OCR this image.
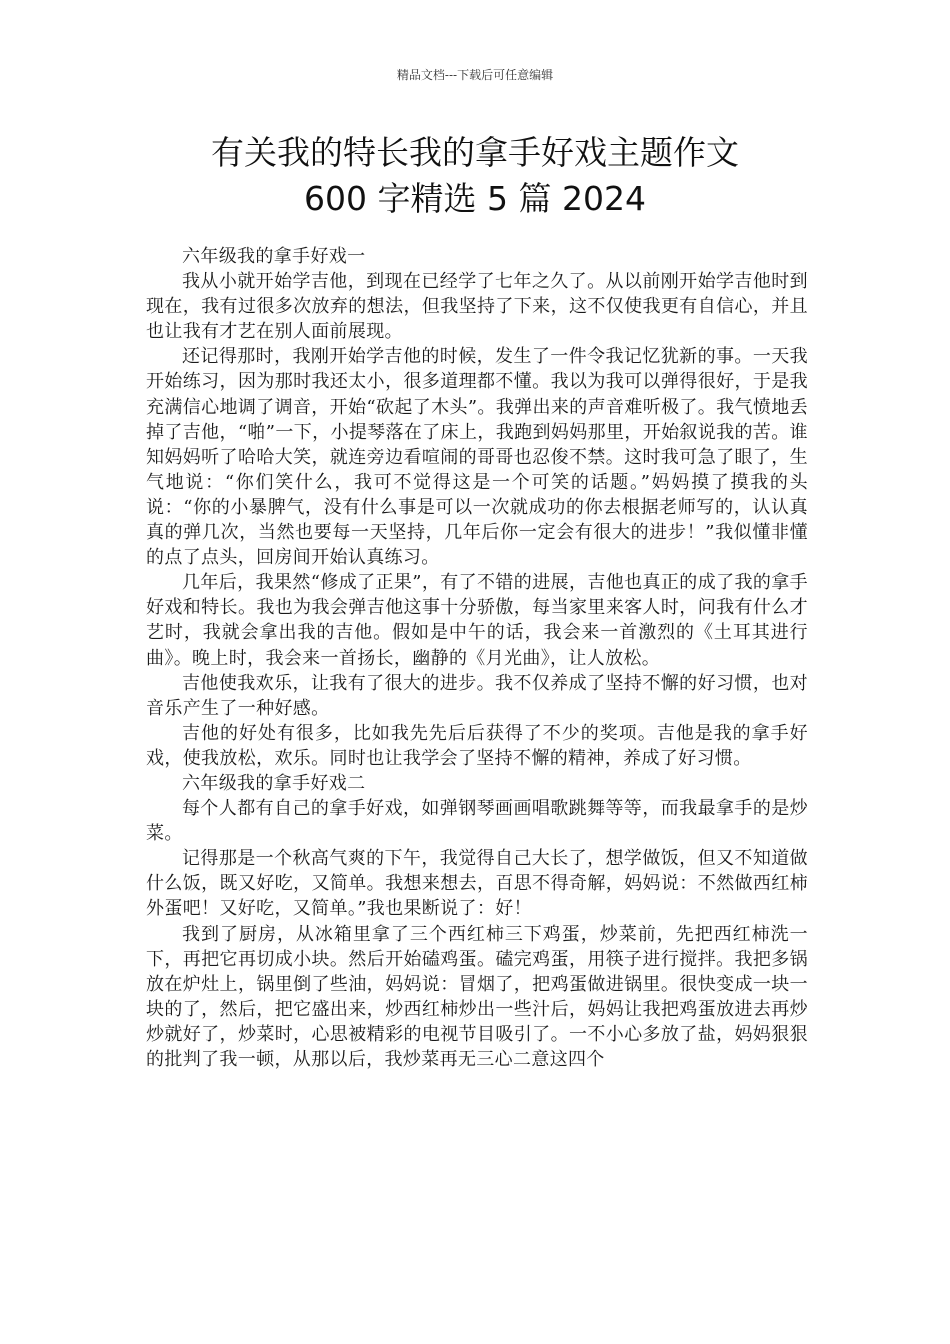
精品文档---下载后可任意编辑
有关我的特长我的拿手好戏主题作文
600 字精选 5 篇 2024

六年级我的拿手好戏一

我从小就开始学吉他，到现在已经学了七年之久了。从以前刚开始学吉他时到现在，我有过很多次放弃的想法，但我坚持了下来，这不仅使我更有自信心，并且也让我有才艺在别人面前展现。

还记得那时，我刚开始学吉他的时候，发生了一件令我记忆犹新的事。一天我开始练习，因为那时我还太小，很多道理都不懂。我以为我可以弹得很好，于是我充满信心地调了调音，开始“砍起了木头”。我弹出来的声音难听极了。我气愤地丢掉了吉他，“啪”一下，小提琴落在了床上，我跑到妈妈那里，开始叙说我的苦。谁知妈妈听了哈哈大笑，就连旁边看喧闹的哥哥也忍俊不禁。这时我可急了眼了，生气地说：“你们笑什么，我可不觉得这是一个可笑的话题。”妈妈摸了摸我的头说：“你的小暴脾气，没有什么事是可以一次就成功的你去根据老师写的，认认真真的弹几次，当然也要每一天坚持，几年后你一定会有很大的进步！”我似懂非懂的点了点头，回房间开始认真练习。

几年后，我果然“修成了正果”，有了不错的进展，吉他也真正的成了我的拿手好戏和特长。我也为我会弹吉他这事十分骄傲，每当家里来客人时，问我有什么才艺时，我就会拿出我的吉他。假如是中午的话，我会来一首激烈的《土耳其进行曲》。晚上时，我会来一首扬长，幽静的《月光曲》，让人放松。

吉他使我欢乐，让我有了很大的进步。我不仅养成了坚持不懈的好习惯，也对音乐产生了一种好感。

吉他的好处有很多，比如我先先后后获得了不少的奖项。吉他是我的拿手好戏，使我放松，欢乐。同时也让我学会了坚持不懈的精神，养成了好习惯。

六年级我的拿手好戏二

每个人都有自己的拿手好戏，如弹钢琴画画唱歌跳舞等等，而我最拿手的是炒菜。

记得那是一个秋高气爽的下午，我觉得自己大长了，想学做饭，但又不知道做什么饭，既又好吃，又简单。我想来想去，百思不得奇解，妈妈说：不然做西红柿外蛋吧！又好吃，又简单。”我也果断说了：好！

我到了厨房，从冰箱里拿了三个西红柿三下鸡蛋，炒菜前，先把西红柿洗一下，再把它再切成小块。然后开始磕鸡蛋。磕完鸡蛋，用筷子进行搅拌。我把多锅放在炉灶上，锅里倒了些油，妈妈说：冒烟了，把鸡蛋做进锅里。很快变成一块一块的了，然后，把它盛出来，炒西红柿炒出一些汁后，妈妈让我把鸡蛋放进去再炒炒就好了，炒菜时，心思被精彩的电视节目吸引了。一不小心多放了盐，妈妈狠狠的批判了我一顿，从那以后，我炒菜再无三心二意这四个
